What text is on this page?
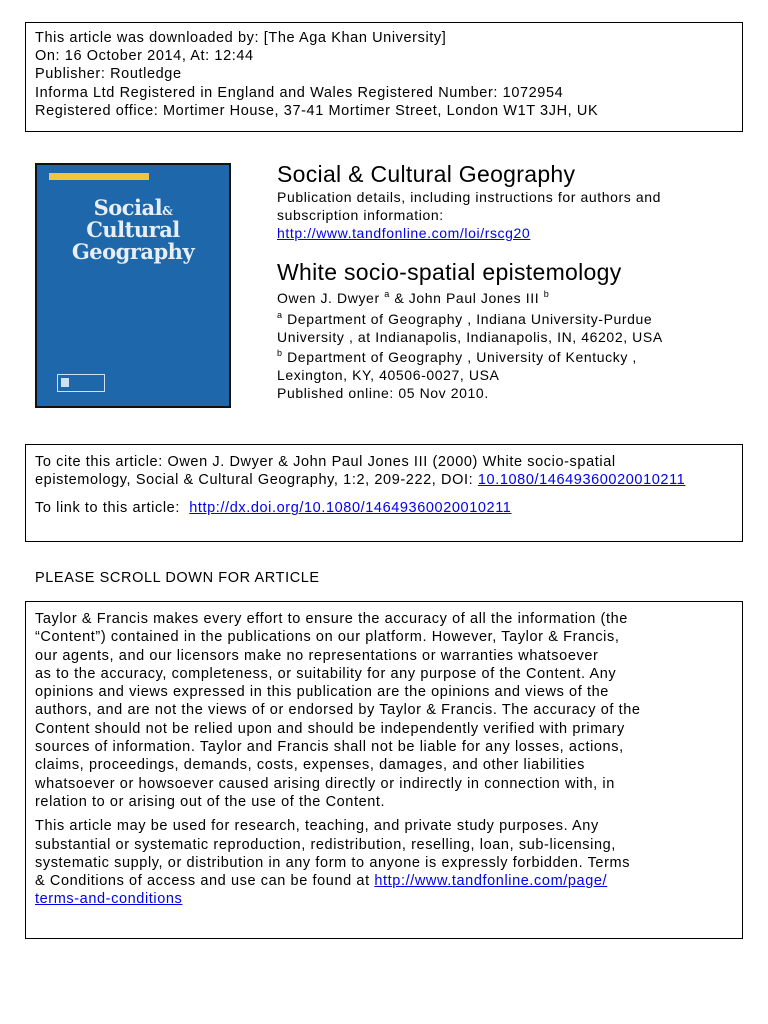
This article was downloaded by: [The Aga Khan University]

On: 16 October 2014, At: 12:44

Publisher: Routledge

Informa Ltd Registered in England and Wales Registered Number: 1072954

Registered office: Mortimer House, 37-41 Mortimer Street, London W1T 3JH, UK

Social&
Cultural
Geography

Social & Cultural Geography

Publication details, including instructions for authors and

subscription information:

http://www.tandfonline.com/loi/rscg20

White socio-spatial epistemology

Owen J. Dwyer $^a$ & John Paul Jones III $^b$

$^a$ Department of Geography , Indiana University-Purdue

University , at Indianapolis, Indianapolis, IN, 46202, USA

$^b$ Department of Geography , University of Kentucky ,

Lexington, KY, 40506-0027, USA

Published online: 05 Nov 2010.

To cite this article: Owen J. Dwyer & John Paul Jones III (2000) White socio-spatial

epistemology, Social & Cultural Geography, 1:2, 209-222, DOI: 10.1080/14649360020010211

To link to this article:  http://dx.doi.org/10.1080/14649360020010211

PLEASE SCROLL DOWN FOR ARTICLE

Taylor & Francis makes every effort to ensure the accuracy of all the information (the

“Content”) contained in the publications on our platform. However, Taylor & Francis,

our agents, and our licensors make no representations or warranties whatsoever

as to the accuracy, completeness, or suitability for any purpose of the Content. Any

opinions and views expressed in this publication are the opinions and views of the

authors, and are not the views of or endorsed by Taylor & Francis. The accuracy of the

Content should not be relied upon and should be independently verified with primary

sources of information. Taylor and Francis shall not be liable for any losses, actions,

claims, proceedings, demands, costs, expenses, damages, and other liabilities

whatsoever or howsoever caused arising directly or indirectly in connection with, in

relation to or arising out of the use of the Content.

This article may be used for research, teaching, and private study purposes. Any

substantial or systematic reproduction, redistribution, reselling, loan, sub-licensing,

systematic supply, or distribution in any form to anyone is expressly forbidden. Terms

& Conditions of access and use can be found at http://www.tandfonline.com/page/

terms-and-conditions
